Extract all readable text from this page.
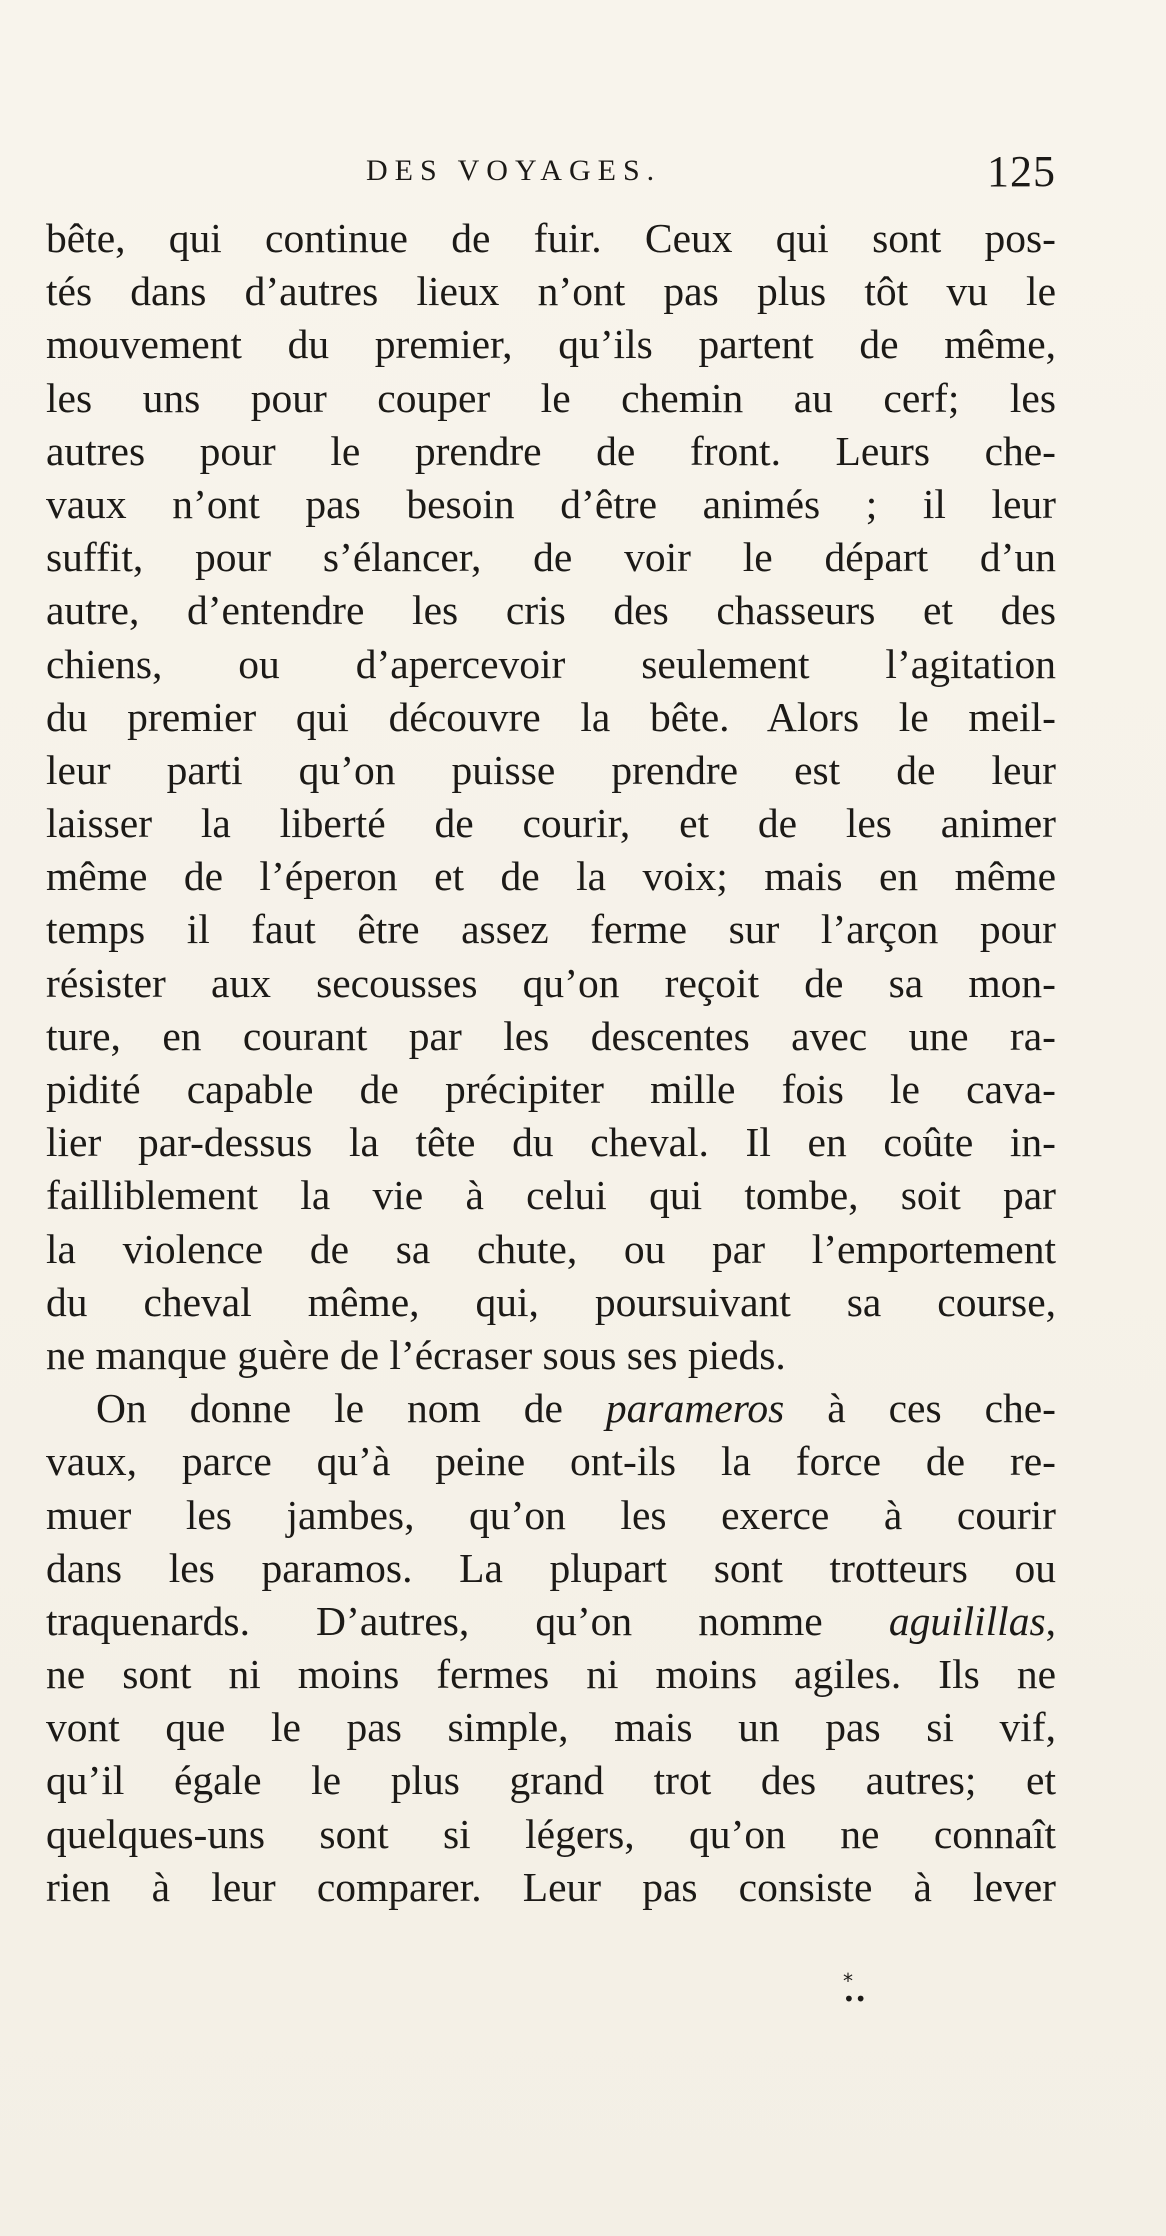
DES VOYAGES.	125
bête, qui continue de fuir. Ceux qui sont pos-
tés dans d’autres lieux n’ont pas plus tôt vu le
mouvement du premier, qu’ils partent de même,
les uns pour couper le chemin au cerf; les
autres pour le prendre de front. Leurs che-
vaux n’ont pas besoin d’être animés ; il leur
suffit, pour s’élancer, de voir le départ d’un
autre, d’entendre les cris des chasseurs et des
chiens, ou d’apercevoir seulement l’agitation
du premier qui découvre la bête. Alors le meil-
leur parti qu’on puisse prendre est de leur
laisser la liberté de courir, et de les animer
même de l’éperon et de la voix; mais en même
temps il faut être assez ferme sur l’arçon pour
résister aux secousses qu’on reçoit de sa mon-
ture, en courant par les descentes avec une ra-
pidité capable de précipiter mille fois le cava-
lier par-dessus la tête du cheval. Il en coûte in-
failliblement la vie à celui qui tombe, soit par
la violence de sa chute, ou par l’emportement
du cheval même, qui, poursuivant sa course,
ne manque guère de l’écraser sous ses pieds.
On donne le nom de parameros à ces che-
vaux, parce qu’à peine ont-ils la force de re-
muer les jambes, qu’on les exerce à courir
dans les paramos. La plupart sont trotteurs ou
traquenards. D’autres, qu’on nomme aguilillas,
ne sont ni moins fermes ni moins agiles. Ils ne
vont que le pas simple, mais un pas si vif,
qu’il égale le plus grand trot des autres; et
quelques-uns sont si légers, qu’on ne connaît
rien à leur comparer. Leur pas consiste à lever
*
••
